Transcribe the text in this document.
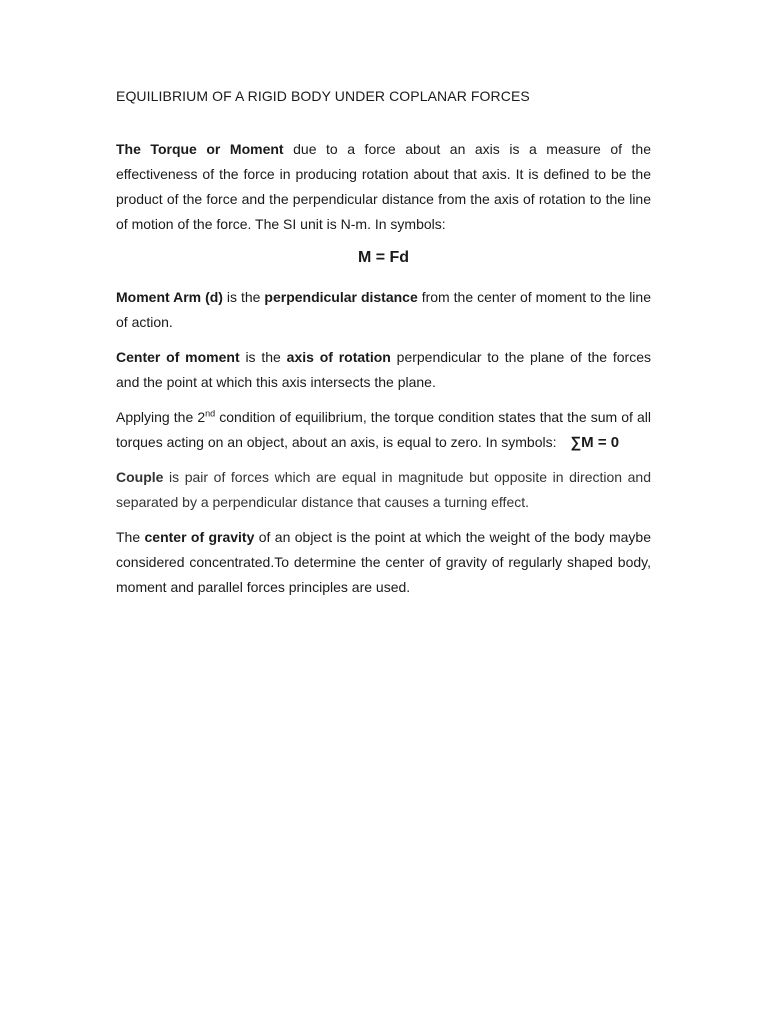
EQUILIBRIUM OF A RIGID BODY UNDER COPLANAR FORCES

The Torque or Moment due to a force about an axis is a measure of the effectiveness of the force in producing rotation about that axis. It is defined to be the product of the force and the perpendicular distance from the axis of rotation to the line of motion of the force. The SI unit is N-m. In symbols:

M = Fd

Moment Arm (d) is the perpendicular distance from the center of moment to the line of action.

Center of moment is the axis of rotation perpendicular to the plane of the forces and the point at which this axis intersects the plane.

Applying the 2nd condition of equilibrium, the torque condition states that the sum of all torques acting on an object, about an axis, is equal to zero. In symbols: ∑M = 0

Couple is pair of forces which are equal in magnitude but opposite in direction and separated by a perpendicular distance that causes a turning effect.

The center of gravity of an object is the point at which the weight of the body maybe considered concentrated.To determine the center of gravity of regularly shaped body, moment and parallel forces principles are used.
